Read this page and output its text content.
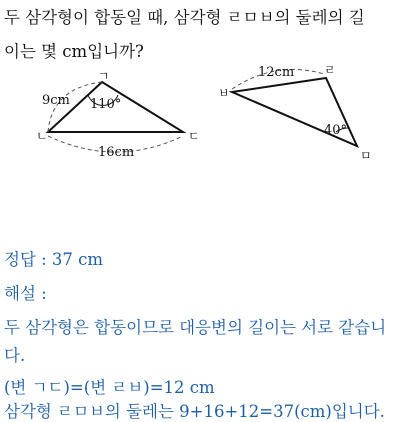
두 삼각형이 합동일 때, 삼각형 ㄹㅁㅂ의 둘레의 길
이는 몇 cm입니까?
ㄱ
ㄴ	ㄷ
9cm 110°
16cm
ㄹ
ㅂ
ㅁ
12cm
40°
정답 : 37 cm
해설 :
두 삼각형은 합동이므로 대응변의 길이는 서로 같습니
다.
(변 ㄱㄷ)=(변 ㄹㅂ)=12 cm
삼각형 ㄹㅁㅂ의 둘레는 9+16+12=37(cm)입니다.
